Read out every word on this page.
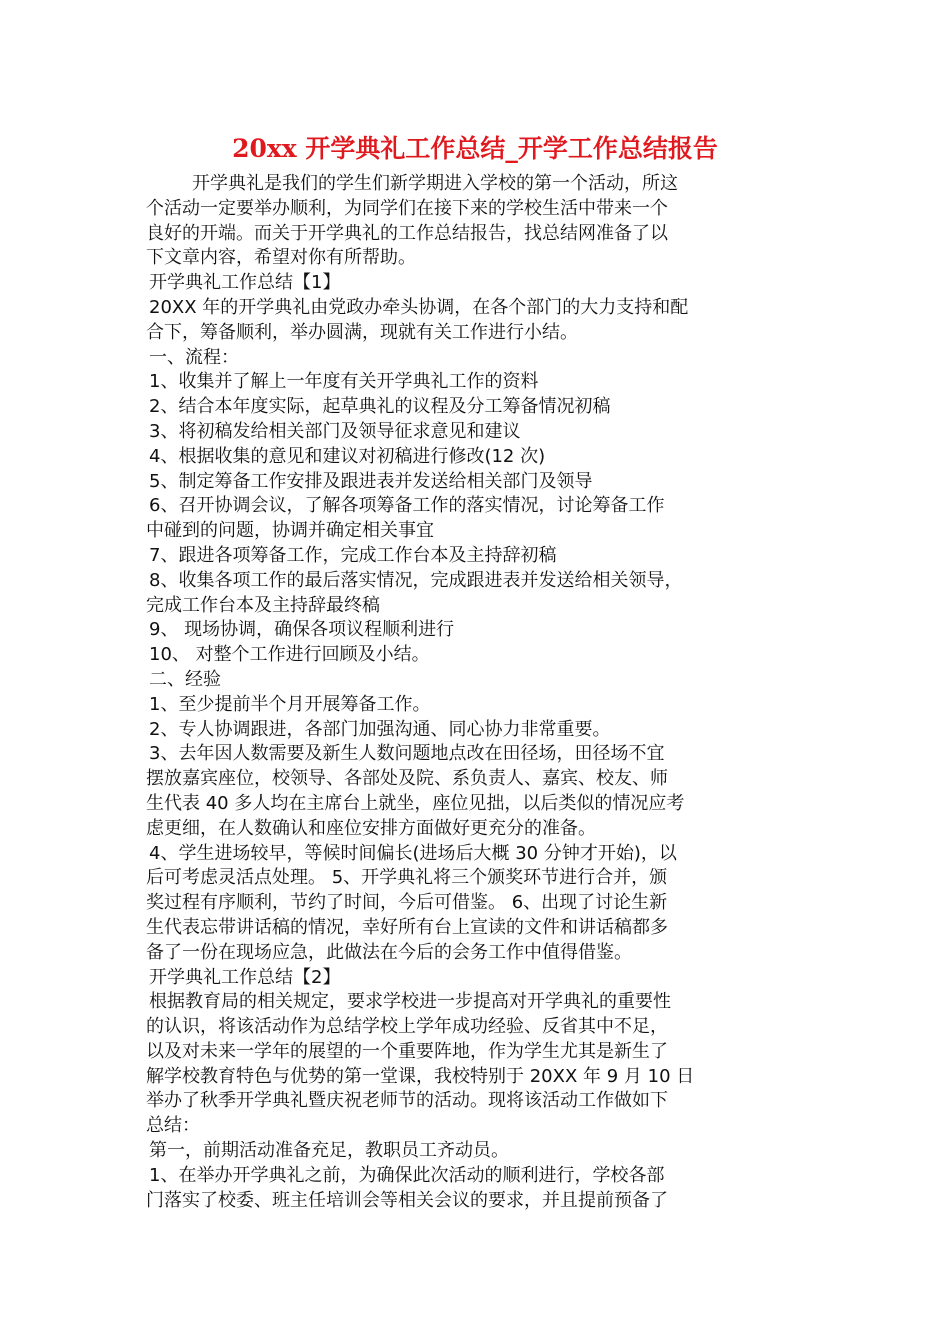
20xx 开学典礼工作总结_开学工作总结报告

开学典礼是我们的学生们新学期进入学校的第一个活动，所这

个活动一定要举办顺利，为同学们在接下来的学校生活中带来一个

良好的开端。而关于开学典礼的工作总结报告，找总结网准备了以

下文章内容，希望对你有所帮助。

开学典礼工作总结【1】

20XX 年的开学典礼由党政办牵头协调，在各个部门的大力支持和配

合下，筹备顺利，举办圆满，现就有关工作进行小结。

一、流程：

1、收集并了解上一年度有关开学典礼工作的资料

2、结合本年度实际，起草典礼的议程及分工筹备情况初稿

3、将初稿发给相关部门及领导征求意见和建议

4、根据收集的意见和建议对初稿进行修改(12 次)

5、制定筹备工作安排及跟进表并发送给相关部门及领导

6、召开协调会议，了解各项筹备工作的落实情况，讨论筹备工作

中碰到的问题，协调并确定相关事宜

7、跟进各项筹备工作，完成工作台本及主持辞初稿

8、收集各项工作的最后落实情况，完成跟进表并发送给相关领导，

完成工作台本及主持辞最终稿

9、 现场协调，确保各项议程顺利进行

10、 对整个工作进行回顾及小结。

二、经验

1、至少提前半个月开展筹备工作。

2、专人协调跟进，各部门加强沟通、同心协力非常重要。

3、去年因人数需要及新生人数问题地点改在田径场，田径场不宜

摆放嘉宾座位，校领导、各部处及院、系负责人、嘉宾、校友、师

生代表 40 多人均在主席台上就坐，座位见拙，以后类似的情况应考

虑更细，在人数确认和座位安排方面做好更充分的准备。

4、学生进场较早，等候时间偏长(进场后大概 30 分钟才开始)，以

后可考虑灵活点处理。 5、开学典礼将三个颁奖环节进行合并，颁

奖过程有序顺利，节约了时间，今后可借鉴。 6、出现了讨论生新

生代表忘带讲话稿的情况，幸好所有台上宣读的文件和讲话稿都多

备了一份在现场应急，此做法在今后的会务工作中值得借鉴。

开学典礼工作总结【2】

根据教育局的相关规定，要求学校进一步提高对开学典礼的重要性

的认识，将该活动作为总结学校上学年成功经验、反省其中不足，

以及对未来一学年的展望的一个重要阵地，作为学生尤其是新生了

解学校教育特色与优势的第一堂课，我校特别于 20XX 年 9 月 10 日

举办了秋季开学典礼暨庆祝老师节的活动。现将该活动工作做如下

总结：

第一，前期活动准备充足，教职员工齐动员。

1、在举办开学典礼之前，为确保此次活动的顺利进行，学校各部

门落实了校委、班主任培训会等相关会议的要求，并且提前预备了
